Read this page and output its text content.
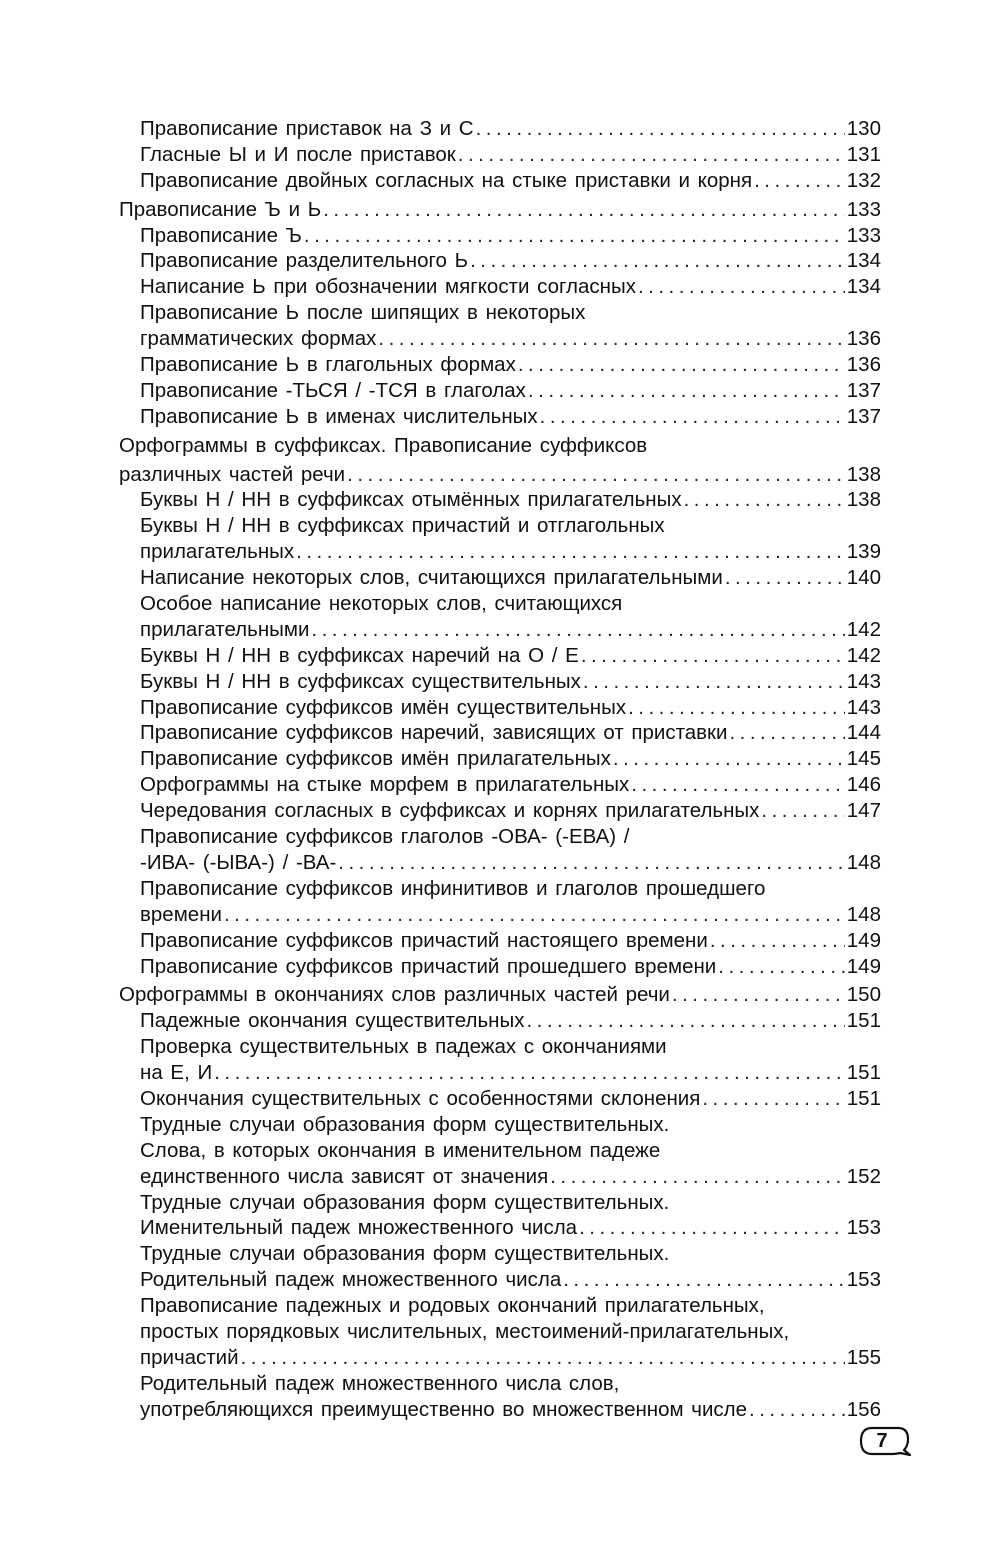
Правописание приставок на З и С . . .	130
Гласные Ы и И после приставок . . .	131
Правописание двойных согласных на стыке приставки и корня . . .	132
Правописание Ъ и Ь . . .	133
Правописание Ъ . . .	133
Правописание разделительного Ь . . .	134
Написание Ь при обозначении мягкости согласных . . .	134
Правописание Ь после шипящих в некоторых
грамматических формах . . .	136
Правописание Ь в глагольных формах . . .	136
Правописание -ТЬСЯ / -ТСЯ в глаголах . . .	137
Правописание Ь в именах числительных . . .	137
Орфограммы в суффиксах. Правописание суффиксов
различных частей речи . . .	138
Буквы Н / НН в суффиксах отымённых прилагательных . . .	138
Буквы Н / НН в суффиксах причастий и отглагольных
прилагательных . . .	139
Написание некоторых слов, считающихся прилагательными . . .	140
Особое написание некоторых слов, считающихся
прилагательными . . .	142
Буквы Н / НН в суффиксах наречий на О / Е . . .	142
Буквы Н / НН в суффиксах существительных . . .	143
Правописание суффиксов имён существительных . . .	143
Правописание суффиксов наречий, зависящих от приставки . . .	144
Правописание суффиксов имён прилагательных . . .	145
Орфограммы на стыке морфем в прилагательных . . .	146
Чередования согласных в суффиксах и корнях прилагательных . . .	147
Правописание суффиксов глаголов -ОВА- (-ЕВА) /
-ИВА- (-ЫВА-) / -ВА- . . .	148
Правописание суффиксов инфинитивов и глаголов прошедшего
времени . . .	148
Правописание суффиксов причастий настоящего времени . . .	149
Правописание суффиксов причастий прошедшего времени . . .	149
Орфограммы в окончаниях слов различных частей речи . . .	150
Падежные окончания существительных . . .	151
Проверка существительных в падежах с окончаниями
на Е, И . . .	151
Окончания существительных с особенностями склонения . . .	151
Трудные случаи образования форм существительных.
Слова, в которых окончания в именительном падеже
единственного числа зависят от значения . . .	152
Трудные случаи образования форм существительных.
Именительный падеж множественного числа . . .	153
Трудные случаи образования форм существительных.
Родительный падеж множественного числа . . .	153
Правописание падежных и родовых окончаний прилагательных,
простых порядковых числительных, местоимений-прилагательных,
причастий . . .	155
Родительный падеж множественного числа слов,
употребляющихся преимущественно во множественном числе . . .	156
7
